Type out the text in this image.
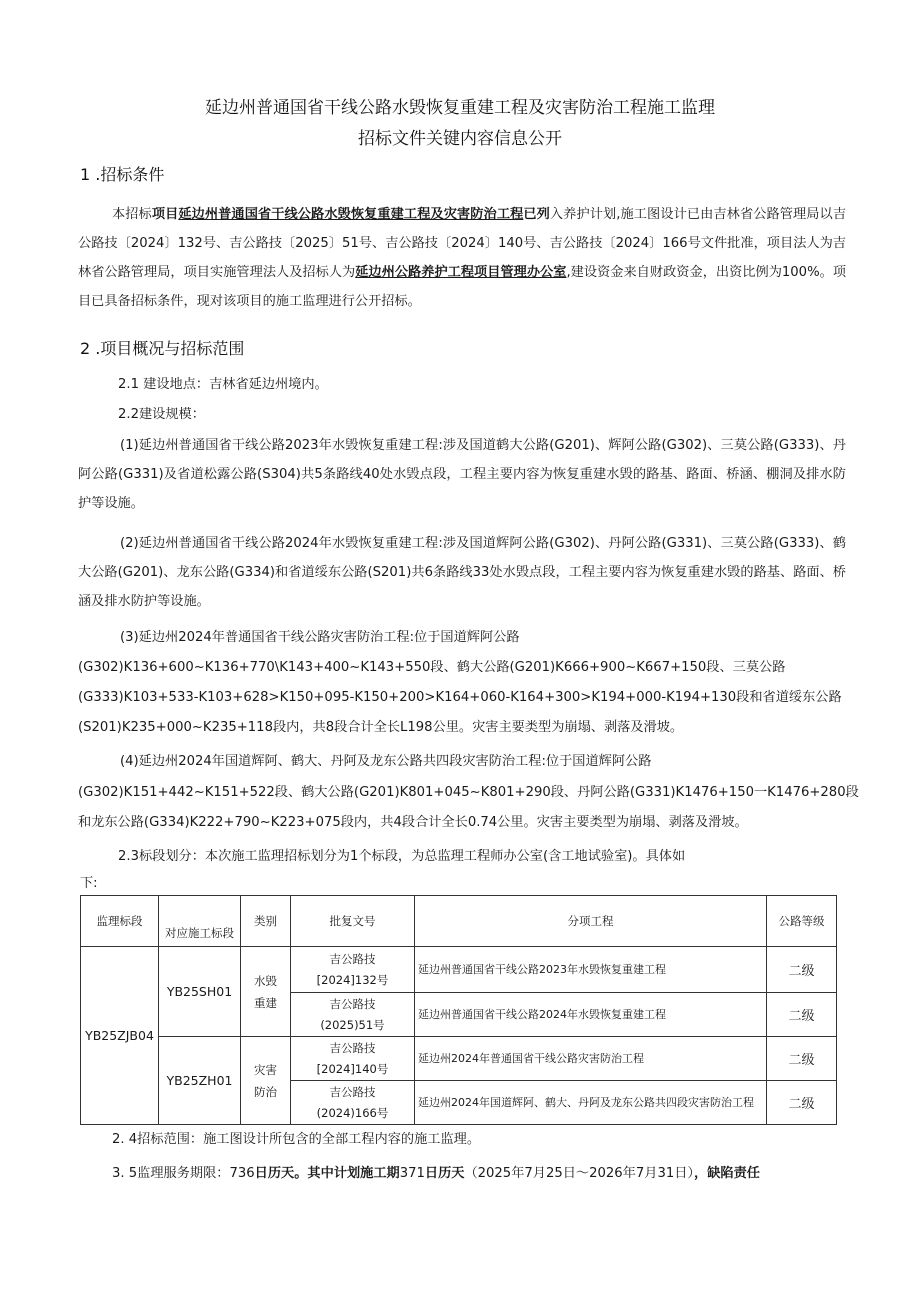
延边州普通国省干线公路水毁恢复重建工程及灾害防治工程施工监理
招标文件关键内容信息公开
1 .招标条件
本招标项目延边州普通国省干线公路水毁恢复重建工程及灾害防治工程已列入养护计划,施工图设计已由吉林省公路管理局以吉公路技〔2024〕132号、吉公路技〔2025〕51号、吉公路技〔2024〕140号、吉公路技〔2024〕166号文件批准，项目法人为吉林省公路管理局，项目实施管理法人及招标人为延边州公路养护工程项目管理办公室,建设资金来自财政资金，出资比例为100%。项目已具备招标条件，现对该项目的施工监理进行公开招标。
2 .项目概况与招标范围
2.1 建设地点：吉林省延边州境内。
2.2建设规模：
(1)延边州普通国省干线公路2023年水毁恢复重建工程:涉及国道鹤大公路(G201)、辉阿公路(G302)、三莫公路(G333)、丹阿公路(G331)及省道松露公路(S304)共5条路线40处水毁点段，工程主要内容为恢复重建水毁的路基、路面、桥涵、棚洞及排水防护等设施。
(2)延边州普通国省干线公路2024年水毁恢复重建工程:涉及国道辉阿公路(G302)、丹阿公路(G331)、三莫公路(G333)、鹤大公路(G201)、龙东公路(G334)和省道绥东公路(S201)共6条路线33处水毁点段，工程主要内容为恢复重建水毁的路基、路面、桥涵及排水防护等设施。
(3)延边州2024年普通国省干线公路灾害防治工程:位于国道辉阿公路
(G302)K136+600~K136+770\K143+400~K143+550段、鹤大公路(G201)K666+900~K667+150段、三莫公路
(G333)K103+533-K103+628>K150+095-K150+200>K164+060-K164+300>K194+000-K194+130段和省道绥东公路
(S201)K235+000~K235+118段内，共8段合计全长L198公里。灾害主要类型为崩塌、剥落及滑坡。
(4)延边州2024年国道辉阿、鹤大、丹阿及龙东公路共四段灾害防治工程:位于国道辉阿公路
(G302)K151+442~K151+522段、鹤大公路(G201)K801+045~K801+290段、丹阿公路(G331)K1476+150一K1476+280段
和龙东公路(G334)K222+790~K223+075段内，共4段合计全长0.74公里。灾害主要类型为崩塌、剥落及滑坡。
2.3标段划分：本次施工监理招标划分为1个标段，为总监理工程师办公室(含工地试验室)。具体如
下:
监理标段	对应施工标段	类别	批复文号	分项工程	公路等级
YB25ZJB04	YB25SH01	水毁重建	吉公路技
[2024]132号	延边州普通国省干线公路2023年水毁恢复重建工程	二级

			吉公路技
(2025)51号	延边州普通国省干线公路2024年水毁恢复重建工程	二级
	YB25ZH01	灾害防治	吉公路技
[2024]140号	延边州2024年普通国省干线公路灾害防治工程	二级

			吉公路技
(2024)166号	延边州2024年国道辉阿、鹤大、丹阿及龙东公路共四段灾害防治工程	二级
2. 4招标范围：施工图设计所包含的全部工程内容的施工监理。
3. 5监理服务期限：736日历天。其中计划施工期371日历天（2025年7月25日〜2026年7月31日），缺陷责任
